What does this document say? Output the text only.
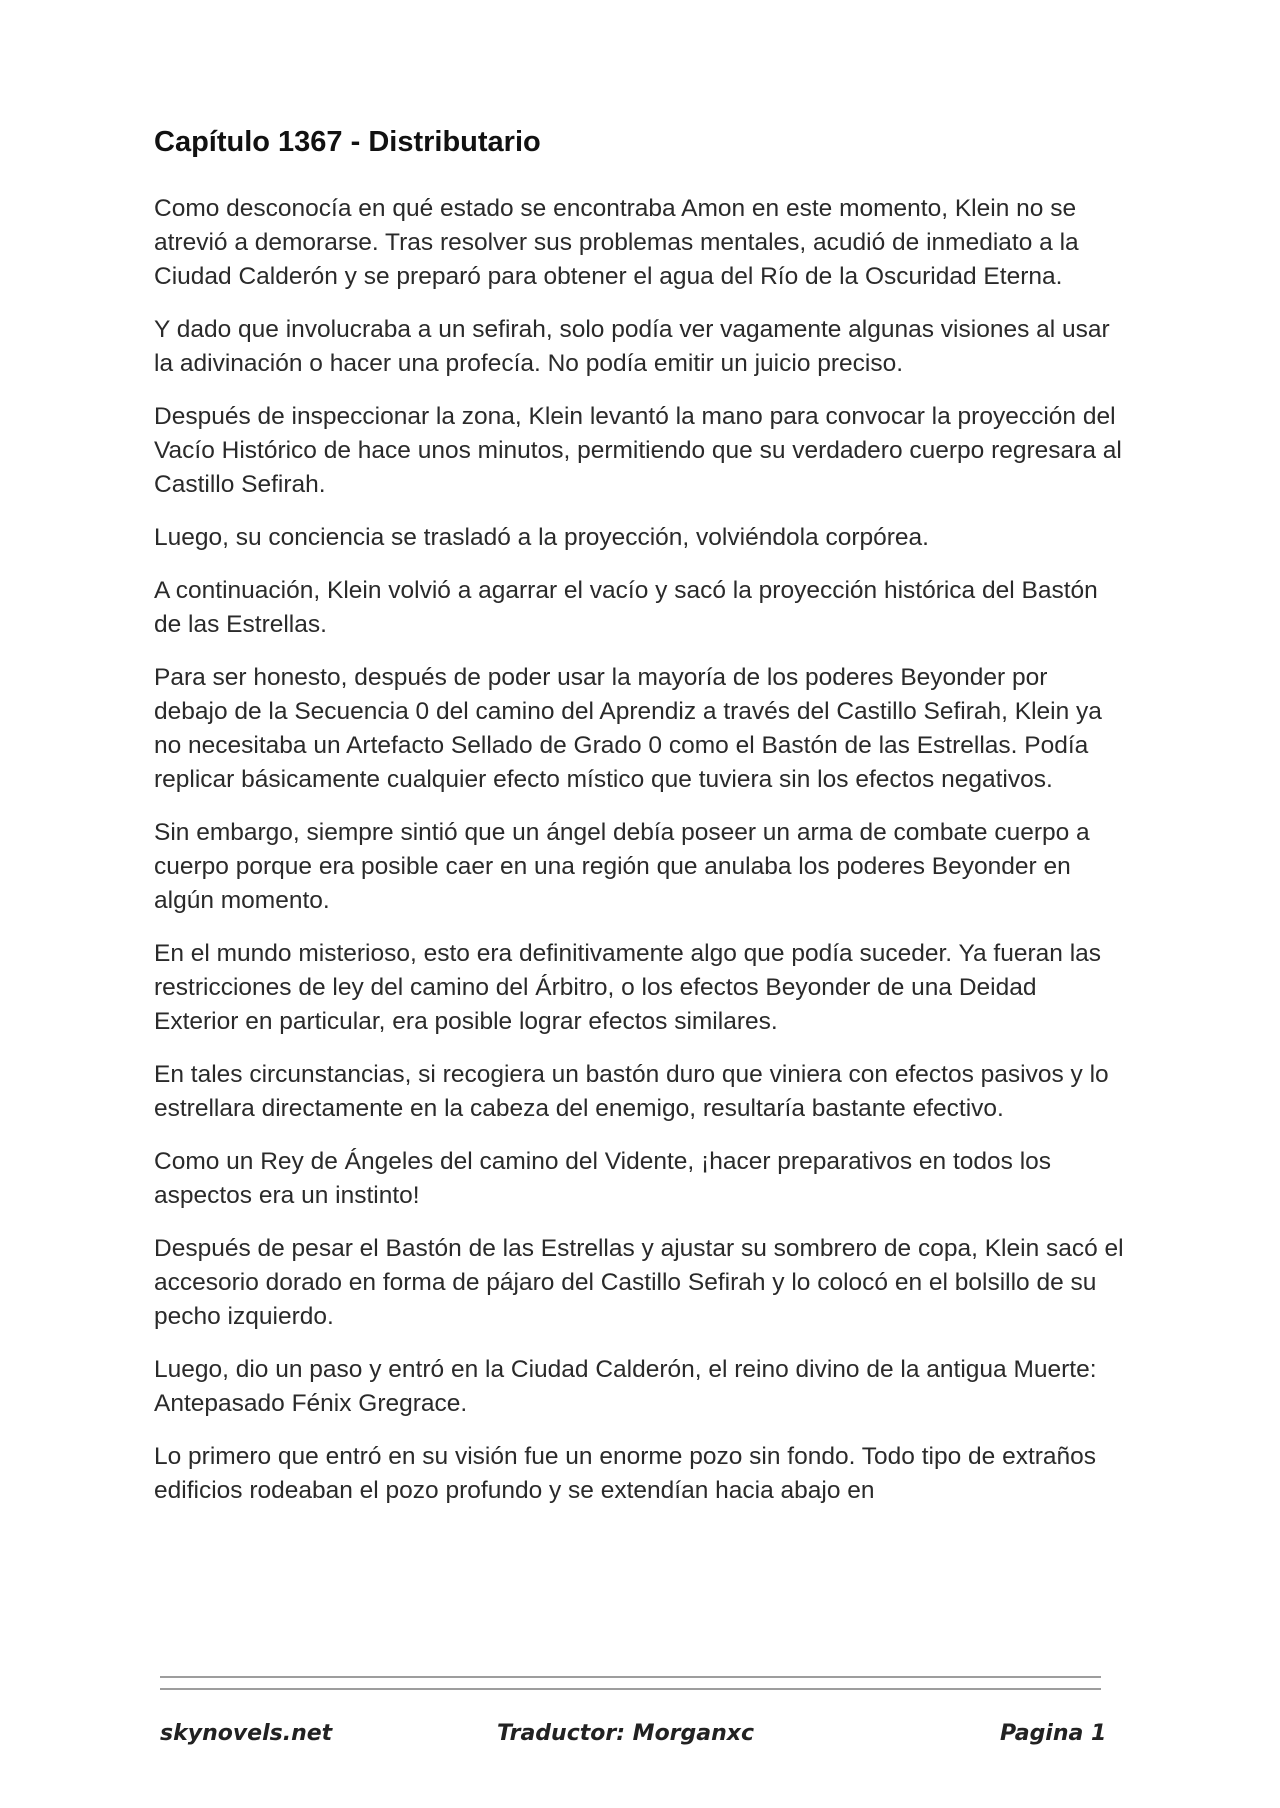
Capítulo 1367 - Distributario

Como desconocía en qué estado se encontraba Amon en este momento, Klein no se atrevió a demorarse. Tras resolver sus problemas mentales, acudió de inmediato a la Ciudad Calderón y se preparó para obtener el agua del Río de la Oscuridad Eterna.

Y dado que involucraba a un sefirah, solo podía ver vagamente algunas visiones al usar la adivinación o hacer una profecía. No podía emitir un juicio preciso.

Después de inspeccionar la zona, Klein levantó la mano para convocar la proyección del Vacío Histórico de hace unos minutos, permitiendo que su verdadero cuerpo regresara al Castillo Sefirah.

Luego, su conciencia se trasladó a la proyección, volviéndola corpórea.

A continuación, Klein volvió a agarrar el vacío y sacó la proyección histórica del Bastón de las Estrellas.

Para ser honesto, después de poder usar la mayoría de los poderes Beyonder por debajo de la Secuencia 0 del camino del Aprendiz a través del Castillo Sefirah, Klein ya no necesitaba un Artefacto Sellado de Grado 0 como el Bastón de las Estrellas. Podía replicar básicamente cualquier efecto místico que tuviera sin los efectos negativos.

Sin embargo, siempre sintió que un ángel debía poseer un arma de combate cuerpo a cuerpo porque era posible caer en una región que anulaba los poderes Beyonder en algún momento.

En el mundo misterioso, esto era definitivamente algo que podía suceder. Ya fueran las restricciones de ley del camino del Árbitro, o los efectos Beyonder de una Deidad Exterior en particular, era posible lograr efectos similares.

En tales circunstancias, si recogiera un bastón duro que viniera con efectos pasivos y lo estrellara directamente en la cabeza del enemigo, resultaría bastante efectivo.

Como un Rey de Ángeles del camino del Vidente, ¡hacer preparativos en todos los aspectos era un instinto!

Después de pesar el Bastón de las Estrellas y ajustar su sombrero de copa, Klein sacó el accesorio dorado en forma de pájaro del Castillo Sefirah y lo colocó en el bolsillo de su pecho izquierdo.

Luego, dio un paso y entró en la Ciudad Calderón, el reino divino de la antigua Muerte: Antepasado Fénix Gregrace.

Lo primero que entró en su visión fue un enorme pozo sin fondo. Todo tipo de extraños edificios rodeaban el pozo profundo y se extendían hacia abajo en

skynovels.net	Traductor: Morganxc	Pagina 1
